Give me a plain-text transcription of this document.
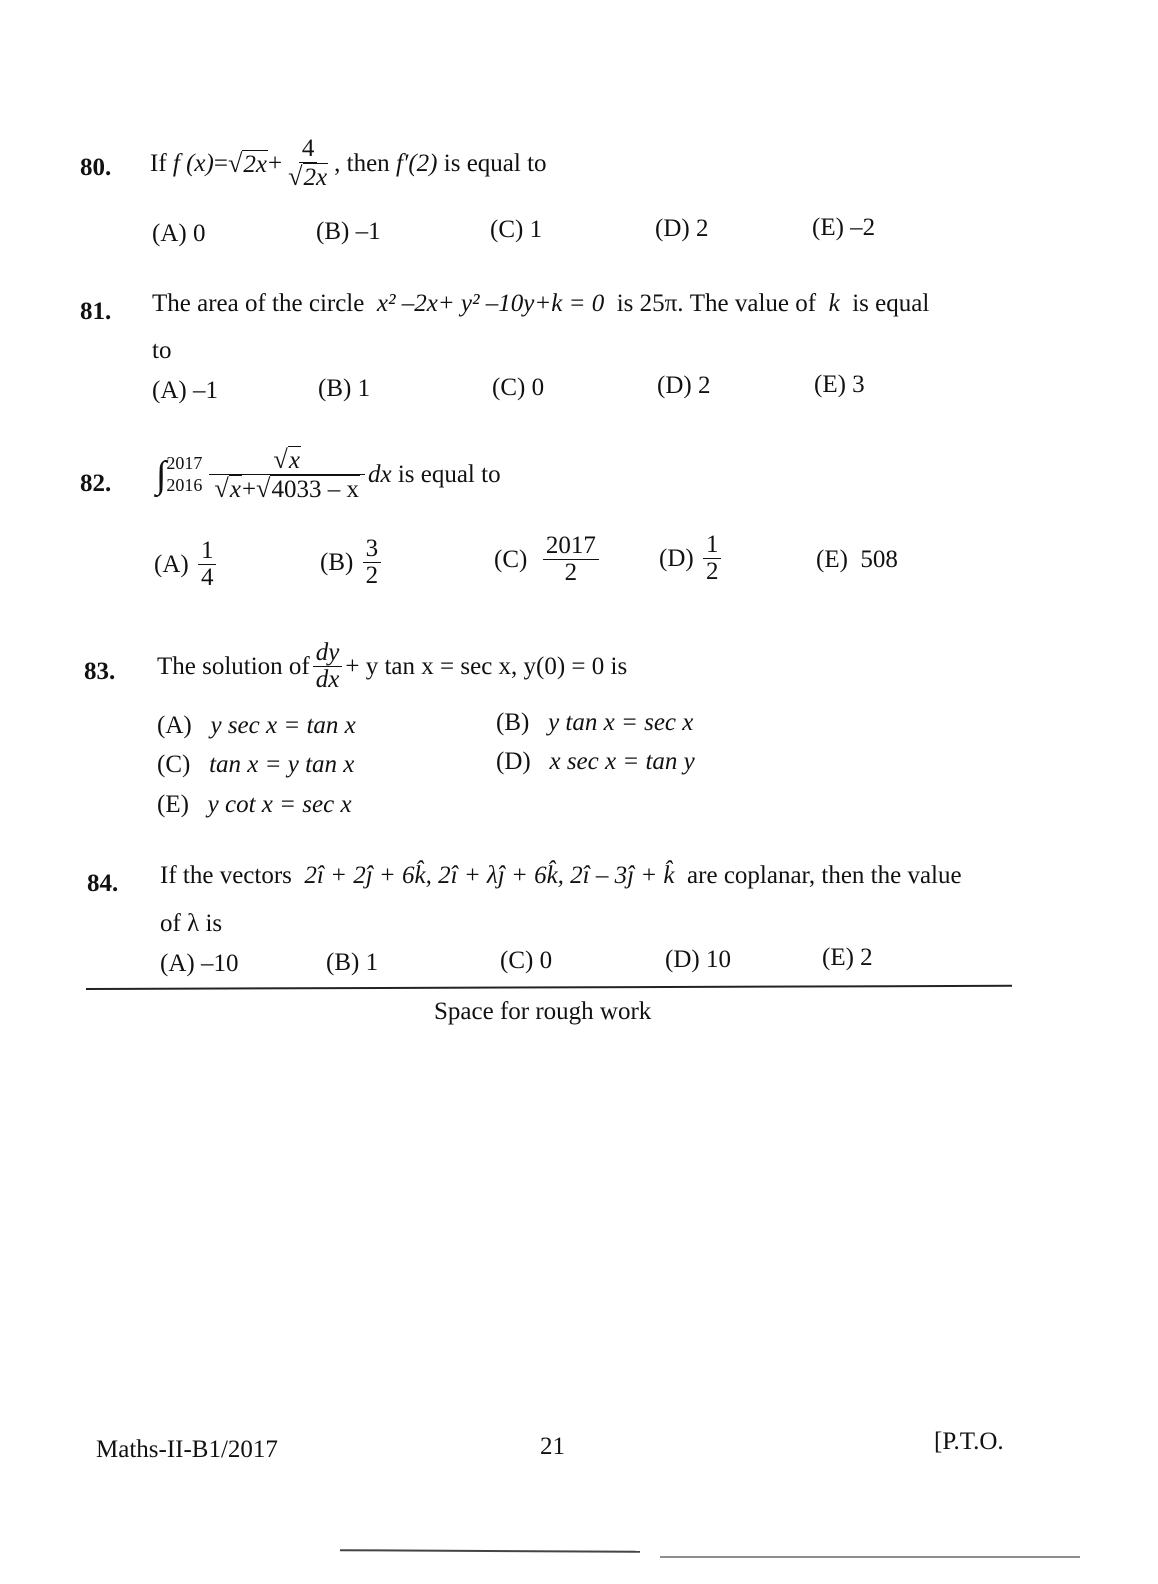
80. If
f $(x) = √2x + \frac{4}{√2x}$ ,
then
f′(2)
is equal to
(A) 0	(B) –1	(C) 1	(D) 2	(E) –2
81. The area of the circle x² –2x+ y² –10y+k = 0 is 25π. The value of k is equal
to
(A) –1	(B) 1	(C) 0	(D) 2	(E) 3
82. ∫ 2017
$2016 \frac{√x}{√x+√4033 - x}$ dx
is equal to
(A)
$\frac{1}{4}$	(B)
$\frac{3}{2}$	(C)
$\frac{2017}{2} (D)$
$\frac{1}{2}$	(E) 508
83. The solution of $\frac{dy}{dx} + y$ tan x = sec x, y(0) = 0 is
(A) y sec x = tan x	(B) y tan x = sec x
(C) tan x = y tan x	(D) x sec x = tan y
(E) y cot x = sec x
84. If the vectors 2î + 2ĵ + 6k̂, 2î + λĵ + 6k̂, 2î – 3ĵ + k̂ are coplanar, then the value
of λ is
(A) –10	(B) 1	(C) 0	(D) 10	(E) 2
Space for rough work
Maths-II-B1/2017	21	[P.T.O.
